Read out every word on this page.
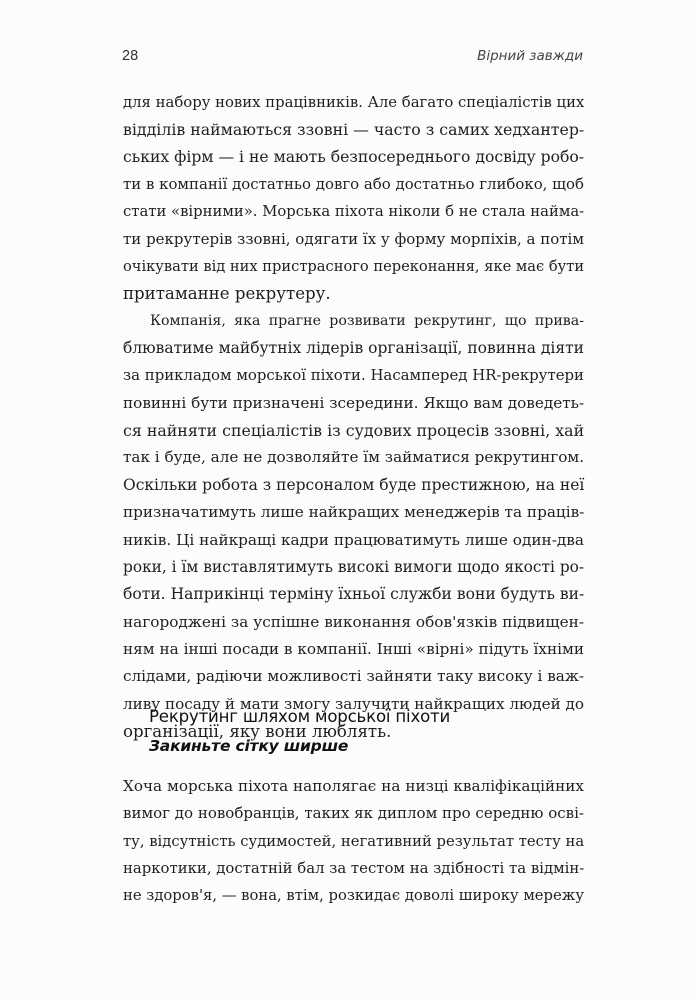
28	Вірний завжди
для набору нових працівників. Але багато спеціалістів цих
відділів наймаються ззовні — часто з самих хедхантер-
ських фірм — і не мають безпосереднього досвіду робо-
ти в компанії достатньо довго або достатньо глибоко, щоб
стати «вірними». Морська піхота ніколи б не стала найма-
ти рекрутерів ззовні, одягати їх у форму морпіхів, а потім
очікувати від них пристрасного переконання, яке має бути
притаманне рекрутеру.
Компанія, яка прагне розвивати рекрутинг, що прива-
блюватиме майбутніх лідерів організації, повинна діяти
за прикладом морської піхоти. Насамперед HR-рекрутери
повинні бути призначені зсередини. Якщо вам доведеть-
ся найняти спеціалістів із судових процесів ззовні, хай
так і буде, але не дозволяйте їм займатися рекрутингом.
Оскільки робота з персоналом буде престижною, на неї
призначатимуть лише найкращих менеджерів та праців-
ників. Ці найкращі кадри працюватимуть лише один-два
роки, і їм виставлятимуть високі вимоги щодо якості ро-
боти. Наприкінці терміну їхньої служби вони будуть ви-
нагороджені за успішне виконання обов'язків підвищен-
ням на інші посади в компанії. Інші «вірні» підуть їхніми
слідами, радіючи можливості зайняти таку високу і важ-
ливу посаду й мати змогу залучити найкращих людей до
організації, яку вони люблять.
Рекрутинг шляхом морської піхоти
Закиньте сітку ширше
Хоча морська піхота наполягає на низці кваліфікаційних
вимог до новобранців, таких як диплом про середню осві-
ту, відсутність судимостей, негативний результат тесту на
наркотики, достатній бал за тестом на здібності та відмін-
не здоров'я, — вона, втім, розкидає доволі широку мережу
